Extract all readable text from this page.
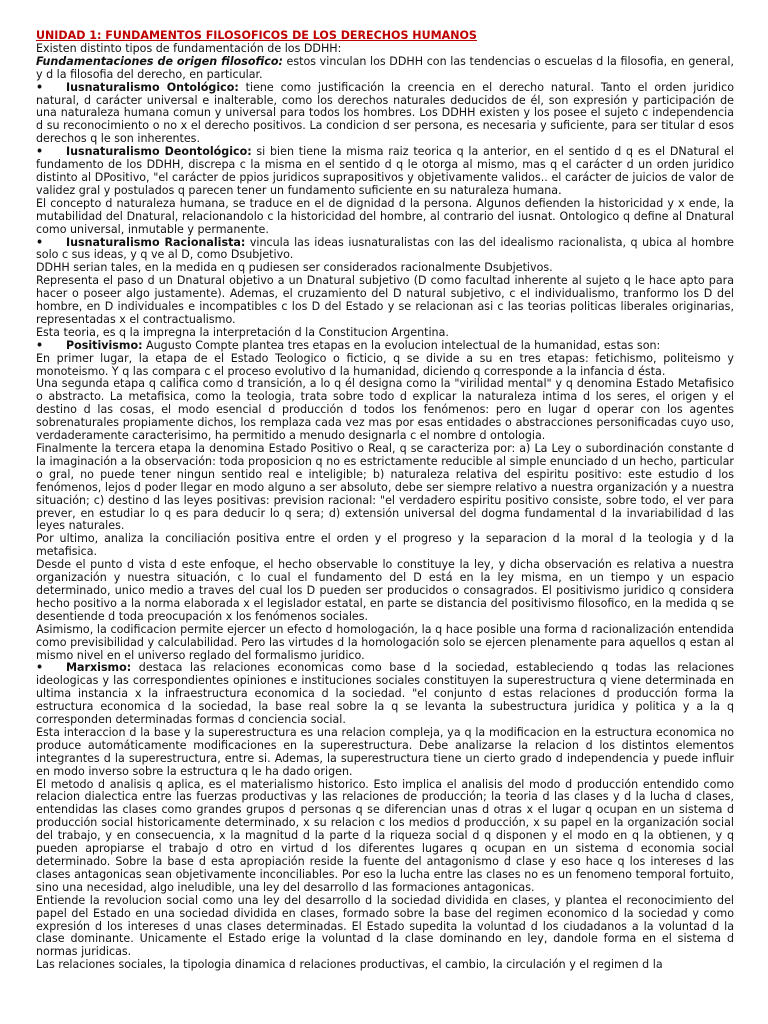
UNIDAD 1: FUNDAMENTOS FILOSOFICOS DE LOS DERECHOS HUMANOS

Existen distinto tipos de fundamentación de los DDHH:

Fundamentaciones de origen filosofico: estos vinculan los DDHH con las tendencias o escuelas d la filosofia, en general, y d la filosofia del derecho, en particular.

• Iusnaturalismo Ontológico: tiene como justificación la creencia en el derecho natural. Tanto el orden juridico natural, d carácter universal e inalterable, como los derechos naturales deducidos de él, son expresión y participación de una naturaleza humana comun y universal para todos los hombres. Los DDHH existen y los posee el sujeto c independencia d su reconocimiento o no x el derecho positivos. La condicion d ser persona, es necesaria y suficiente, para ser titular d esos derechos q le son inherentes.

• Iusnaturalismo Deontológico: si bien tiene la misma raiz teorica q la anterior, en el sentido d q es el DNatural el fundamento de los DDHH, discrepa c la misma en el sentido d q le otorga al mismo, mas q el carácter d un orden juridico distinto al DPositivo, "el carácter de ppios juridicos suprapositivos y objetivamente validos.. el carácter de juicios de valor de validez gral y postulados q parecen tener un fundamento suficiente en su naturaleza humana.

El concepto d naturaleza humana, se traduce en el de dignidad d la persona. Algunos defienden la historicidad y x ende, la mutabilidad del Dnatural, relacionandolo c la historicidad del hombre, al contrario del iusnat. Ontologico q define al Dnatural como universal, inmutable y permanente.

• Iusnaturalismo Racionalista: vincula las ideas iusnaturalistas con las del idealismo racionalista, q ubica al hombre solo c sus ideas, y q ve al D, como Dsubjetivo.

DDHH serian tales, en la medida en q pudiesen ser considerados racionalmente Dsubjetivos.

Representa el paso d un Dnatural objetivo a un Dnatural subjetivo (D como facultad inherente al sujeto q le hace apto para hacer o poseer algo justamente). Ademas, el cruzamiento del D natural subjetivo, c el individualismo, tranformo los D del hombre, en D individuales e incompatibles c los D del Estado y se relacionan asi c las teorias politicas liberales originarias, representadas x el contractualismo.

Esta teoria, es q la impregna la interpretación d la Constitucion Argentina.

• Positivismo: Augusto Compte plantea tres etapas en la evolucion intelectual de la humanidad, estas son:

En primer lugar, la etapa de el Estado Teologico o ficticio, q se divide a su en tres etapas: fetichismo, politeismo y monoteismo. Y q las compara c el proceso evolutivo d la humanidad, diciendo q corresponde a la infancia d ésta.

Una segunda etapa q califica como d transición, a lo q él designa como la "virilidad mental" y q denomina Estado Metafisico o abstracto. La metafisica, como la teologia, trata sobre todo d explicar la naturaleza intima d los seres, el origen y el destino d las cosas, el modo esencial d producción d todos los fenómenos: pero en lugar d operar con los agentes sobrenaturales propiamente dichos, los remplaza cada vez mas por esas entidades o abstracciones personificadas cuyo uso, verdaderamente caracterisimo, ha permitido a menudo designarla c el nombre d ontologia.

Finalmente la tercera etapa la denomina Estado Positivo o Real, q se caracteriza por: a) La Ley o subordinación constante d la imaginación a la observación: toda proposicion q no es estrictamente reducible al simple enunciado d un hecho, particular o gral, no puede tener ningun sentido real e inteligible; b) naturaleza relativa del espiritu positivo: este estudio d los fenómenos, lejos d poder llegar en modo alguno a ser absoluto, debe ser siempre relativo a nuestra organización y a nuestra situación; c) destino d las leyes positivas: prevision racional: "el verdadero espiritu positivo consiste, sobre todo, el ver para prever, en estudiar lo q es para deducir lo q sera; d) extensión universal del dogma fundamental d la invariabilidad d las leyes naturales.

Por ultimo, analiza la conciliación positiva entre el orden y el progreso y la separacion d la moral d la teologia y d la metafisica.

Desde el punto d vista d este enfoque, el hecho observable lo constituye la ley, y dicha observación es relativa a nuestra organización y nuestra situación, c lo cual el fundamento del D está en la ley misma, en un tiempo y un espacio determinado, unico medio a traves del cual los D pueden ser producidos o consagrados. El positivismo juridico q considera hecho positivo a la norma elaborada x el legislador estatal, en parte se distancia del positivismo filosofico, en la medida q se desentiende d toda preocupación x los fenómenos sociales.

Asimismo, la codificacion permite ejercer un efecto d homologación, la q hace posible una forma d racionalización entendida como previsibilidad y calculabilidad. Pero las virtudes d la homologación solo se ejercen plenamente para aquellos q estan al mismo nivel en el universo reglado del formalismo juridico.

• Marxismo: destaca las relaciones economicas como base d la sociedad, estableciendo q todas las relaciones ideologicas y las correspondientes opiniones e instituciones sociales constituyen la superestructura q viene determinada en ultima instancia x la infraestructura economica d la sociedad. "el conjunto d estas relaciones d producción forma la estructura economica d la sociedad, la base real sobre la q se levanta la subestructura juridica y politica y a la q corresponden determinadas formas d conciencia social.

Esta interaccion d la base y la superestructura es una relacion compleja, ya q la modificacion en la estructura economica no produce automáticamente modificaciones en la superestructura. Debe analizarse la relacion d los distintos elementos integrantes d la superestructura, entre si. Ademas, la superestructura tiene un cierto grado d independencia y puede influir en modo inverso sobre la estructura q le ha dado origen.

El metodo d analisis q aplica, es el materialismo historico. Esto implica el analisis del modo d producción entendido como relacion dialectica entre las fuerzas productivas y las relaciones de producción; la teoria d las clases y d la lucha d clases, entendidas las clases como grandes grupos d personas q se diferencian unas d otras x el lugar q ocupan en un sistema d producción social historicamente determinado, x su relacion c los medios d producción, x su papel en la organización social del trabajo, y en consecuencia, x la magnitud d la parte d la riqueza social d q disponen y el modo en q la obtienen, y q pueden apropiarse el trabajo d otro en virtud d los diferentes lugares q ocupan en un sistema d economia social determinado. Sobre la base d esta apropiación reside la fuente del antagonismo d clase y eso hace q los intereses d las clases antagonicas sean objetivamente inconciliables. Por eso la lucha entre las clases no es un fenomeno temporal fortuito, sino una necesidad, algo ineludible, una ley del desarrollo d las formaciones antagonicas.

Entiende la revolucion social como una ley del desarrollo d la sociedad dividida en clases, y plantea el reconocimiento del papel del Estado en una sociedad dividida en clases, formado sobre la base del regimen economico d la sociedad y como expresión d los intereses d unas clases determinadas. El Estado supedita la voluntad d los ciudadanos a la voluntad d la clase dominante. Unicamente el Estado erige la voluntad d la clase dominando en ley, dandole forma en el sistema d normas juridicas.

Las relaciones sociales, la tipologia dinamica d relaciones productivas, el cambio, la circulación y el regimen d la
